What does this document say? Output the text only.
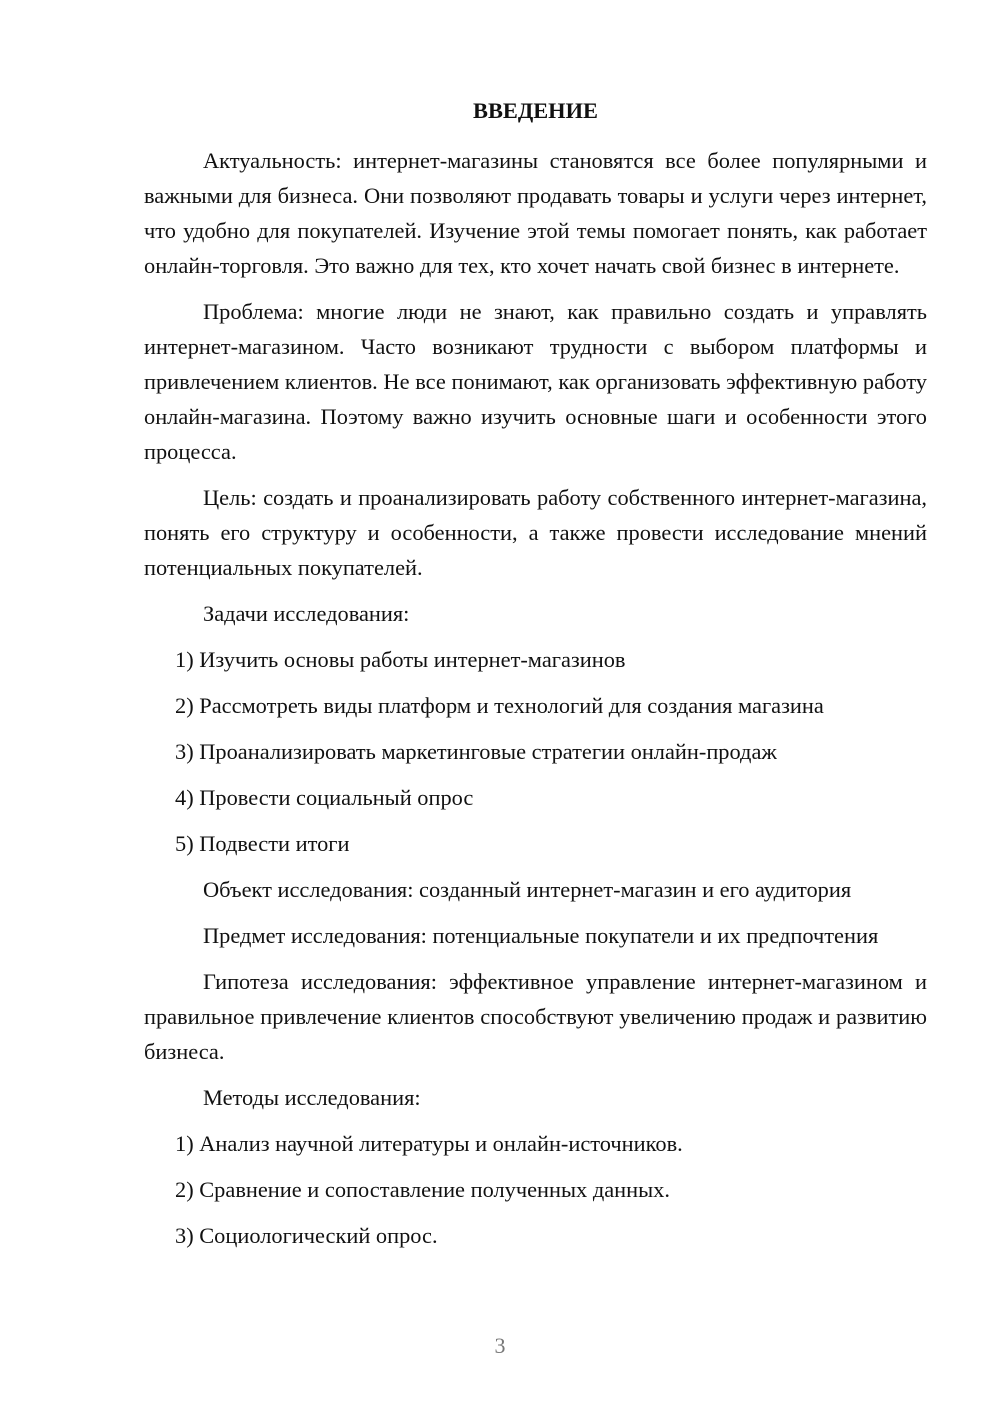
ВВЕДЕНИЕ

Актуальность: интернет-магазины становятся все более популярными и важными для бизнеса. Они позволяют продавать товары и услуги через интернет, что удобно для покупателей. Изучение этой темы помогает понять, как работает онлайн-торговля. Это важно для тех, кто хочет начать свой бизнес в интернете.

Проблема: многие люди не знают, как правильно создать и управлять интернет-магазином. Часто возникают трудности с выбором платформы и привлечением клиентов. Не все понимают, как организовать эффективную работу онлайн-магазина. Поэтому важно изучить основные шаги и особенности этого процесса.

Цель: создать и проанализировать работу собственного интернет-магазина, понять его структуру и особенности, а также провести исследование мнений потенциальных покупателей.

Задачи исследования:

1) Изучить основы работы интернет-магазинов
2) Рассмотреть виды платформ и технологий для создания магазина
3) Проанализировать маркетинговые стратегии онлайн-продаж
4) Провести социальный опрос
5) Подвести итоги

Объект исследования: созданный интернет-магазин и его аудитория

Предмет исследования: потенциальные покупатели и их предпочтения

Гипотеза исследования: эффективное управление интернет-магазином и правильное привлечение клиентов способствуют увеличению продаж и развитию бизнеса.

Методы исследования:

1) Анализ научной литературы и онлайн-источников.
2) Сравнение и сопоставление полученных данных.
3) Социологический опрос.
3
